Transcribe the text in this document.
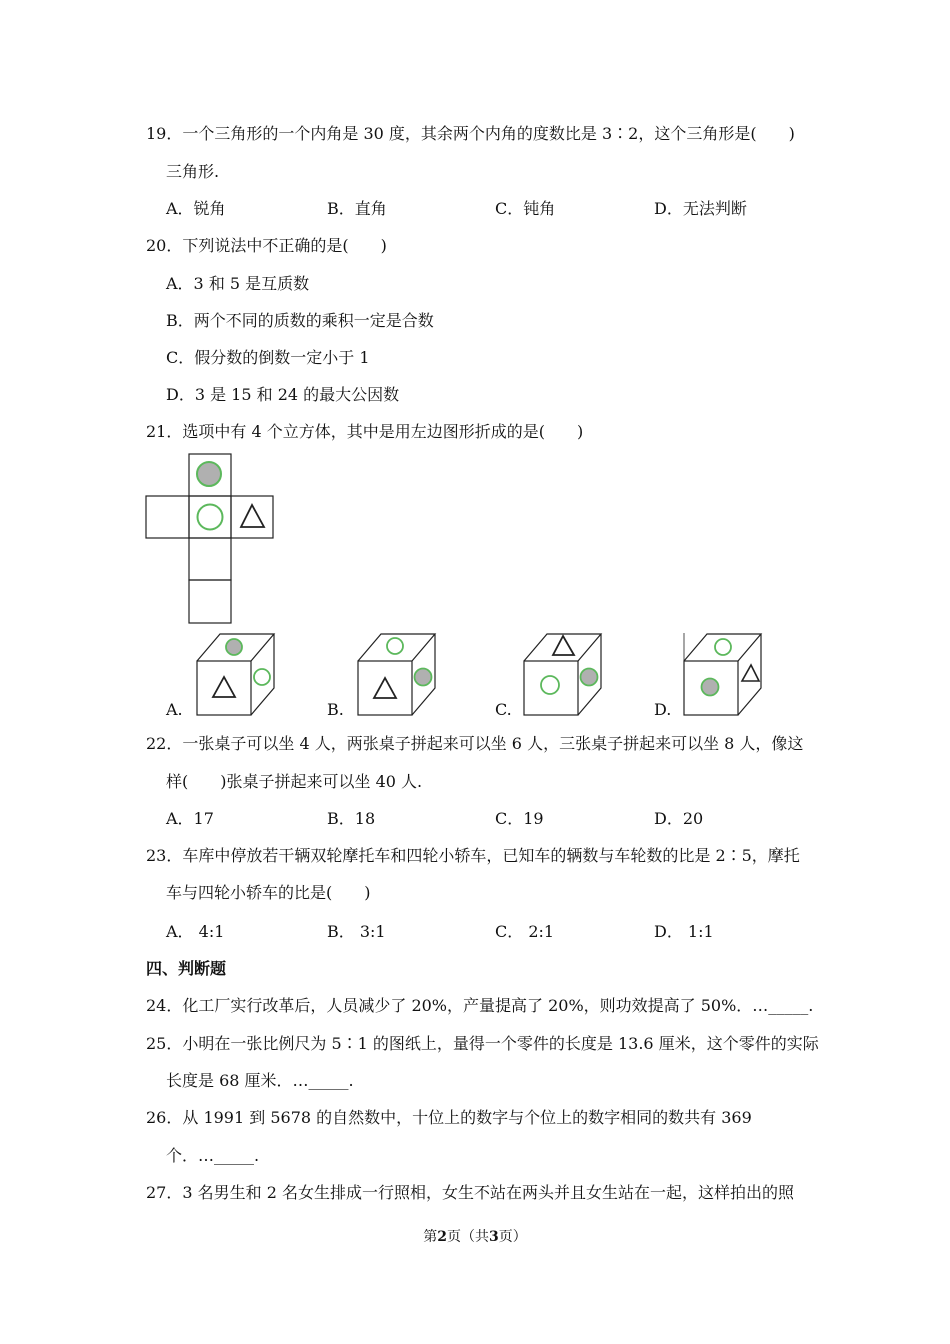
19．一个三角形的一个内角是 30 度，其余两个内角的度数比是 3∶2，这个三角形是(  )
三角形.
A．锐角	B．直角	C．钝角	D．无法判断
20．下列说法中不正确的是(  )
A．3 和 5 是互质数
B．两个不同的质数的乘积一定是合数
C．假分数的倒数一定小于 1
D．3 是 15 和 24 的最大公因数
21．选项中有 4 个立方体，其中是用左边图形折成的是(  )
A.	B.	C.	D.
22．一张桌子可以坐 4 人，两张桌子拼起来可以坐 6 人，三张桌子拼起来可以坐 8 人，像这
样(  )张桌子拼起来可以坐 40 人.
A．17	B．18	C．19	D．20
23．车库中停放若干辆双轮摩托车和四轮小轿车，已知车的辆数与车轮数的比是 2∶5，摩托
车与四轮小轿车的比是(  )
A． 4:1	B． 3:1	C． 2:1	D． 1:1
四、判断题
24．化工厂实行改革后，人员减少了 20%，产量提高了 20%，则功效提高了 50%．…_____.
25．小明在一张比例尺为 5∶1 的图纸上，量得一个零件的长度是 13.6 厘米，这个零件的实际
长度是 68 厘米．…_____.
26．从 1991 到 5678 的自然数中，十位上的数字与个位上的数字相同的数共有 369
个．…_____.
27．3 名男生和 2 名女生排成一行照相，女生不站在两头并且女生站在一起，这样拍出的照
第2页（共3页）
